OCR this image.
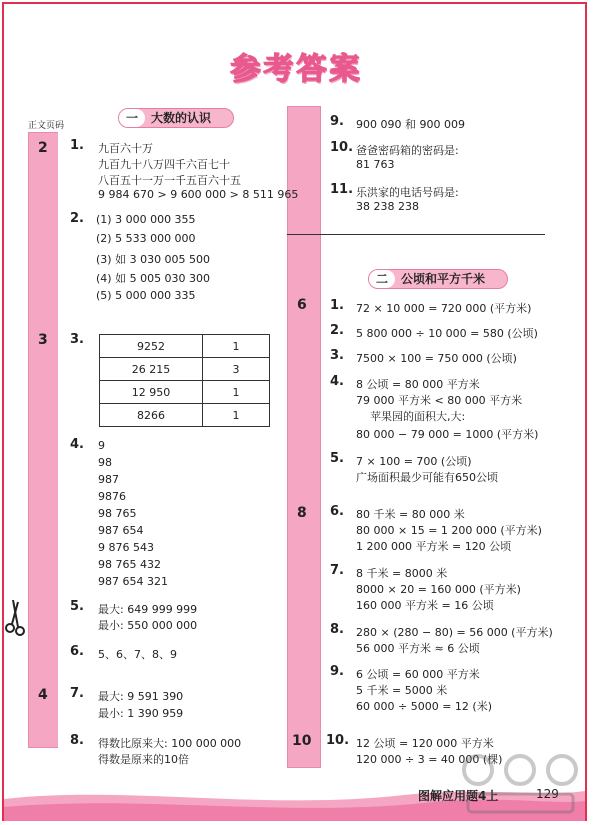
参考答案
正文页码
2
3
4
6
8
10
一 大数的认识
二 公顷和平方千米
1. 九百六十万
九百九十八万四千六百七十
八百五十一万一千五百六十五
9 984 670 > 9 600 000 > 8 511 965
2. (1) 3 000 000 355
(2) 5 533 000 000
(3) 如 3 030 005 500
(4) 如 5 005 030 300
(5) 5 000 000 335
3.	9252	1
26 215	3
12 950	1
8266	1
4. 9
98
987
9876
98 765
987 654
9 876 543
98 765 432
987 654 321
5. 最大: 649 999 999
最小: 550 000 000
6. 5、6、7、8、9
7. 最大: 9 591 390
最小: 1 390 959
8. 得数比原来大: 100 000 000
得数是原来的10倍
9. 900 090 和 900 009
10. 爸爸密码箱的密码是:
81 763
11. 乐洪家的电话号码是:
38 238 238
1. 72 × 10 000 = 720 000 (平方米)
2. 5 800 000 ÷ 10 000 = 580 (公顷)
3. 7500 × 100 = 750 000 (公顷)
4. 8 公顷 = 80 000 平方米
79 000 平方米 < 80 000 平方米
苹果园的面积大,大:
80 000 − 79 000 = 1000 (平方米)
5. 7 × 100 = 700 (公顷)
广场面积最少可能有650公顷
6. 80 千米 = 80 000 米
80 000 × 15 = 1 200 000 (平方米)
1 200 000 平方米 = 120 公顷
7. 8 千米 = 8000 米
8000 × 20 = 160 000 (平方米)
160 000 平方米 = 16 公顷
8. 280 × (280 − 80) = 56 000 (平方米)
56 000 平方米 ≈ 6 公顷
9. 6 公顷 = 60 000 平方米
5 千米 = 5000 米
60 000 ÷ 5000 = 12 (米)
10. 12 公顷 = 120 000 平方米
120 000 ÷ 3 = 40 000 (棵)
图解应用题4上	129
